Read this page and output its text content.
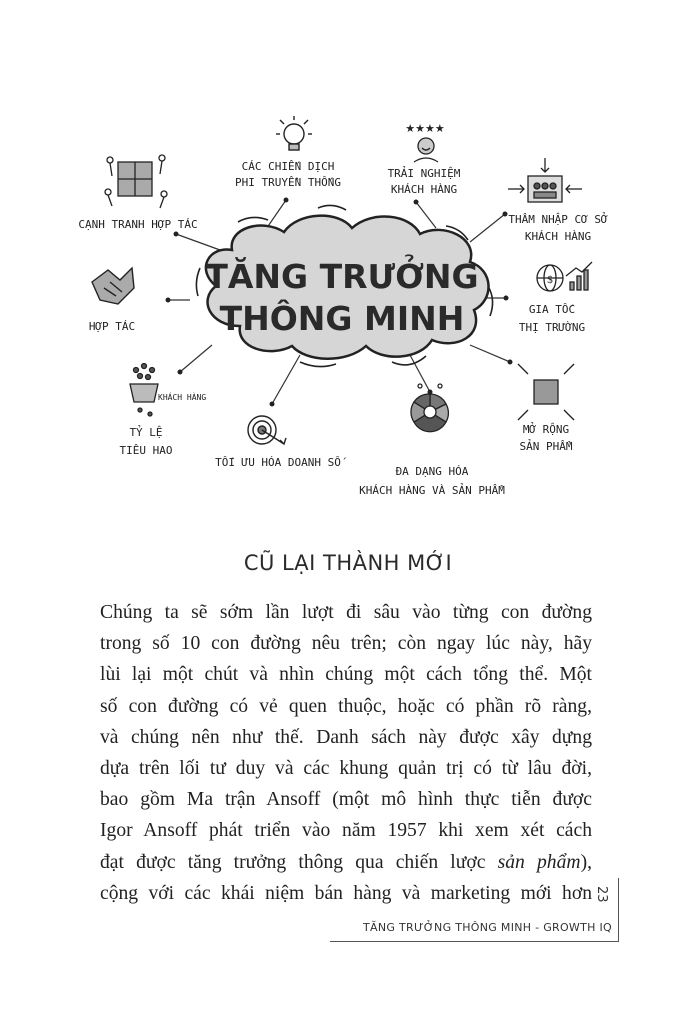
TĂNG TRƯỞNG
THÔNG MINH
CÁC CHIẾN DỊCH
PHI TRUYỀN THỐNG
★★★★
TRẢI NGHIỆM
KHÁCH HÀNG
CẠNH TRANH HỢP TÁC	THÂM NHẬP CƠ SỞ
KHÁCH HÀNG
HỢP TÁC
$
GIA TỐC
THỊ TRƯỜNG
KHÁCH HÀNG
TỶ LỆ
TIÊU HAO
TỐI ƯU HÓA DOANH SỐ
MỞ RỘNG
SẢN PHẨM
ĐA DẠNG HÓA
KHÁCH HÀNG VÀ SẢN PHẨM
CŨ LẠI THÀNH MỚI
Chúng ta sẽ sớm lần lượt đi sâu vào từng con đường
trong số 10 con đường nêu trên; còn ngay lúc này, hãy
lùi lại một chút và nhìn chúng một cách tổng thể. Một
số con đường có vẻ quen thuộc, hoặc có phần rõ ràng,
và chúng nên như thế. Danh sách này được xây dựng
dựa trên lối tư duy và các khung quản trị có từ lâu đời,
bao gồm Ma trận Ansoff (một mô hình thực tiễn được
Igor Ansoff phát triển vào năm 1957 khi xem xét cách
đạt được tăng trưởng thông qua chiến lược sản phẩm),
cộng với các khái niệm bán hàng và marketing mới hơn 23
TĂNG TRƯỞNG THÔNG MINH - GROWTH IQ
